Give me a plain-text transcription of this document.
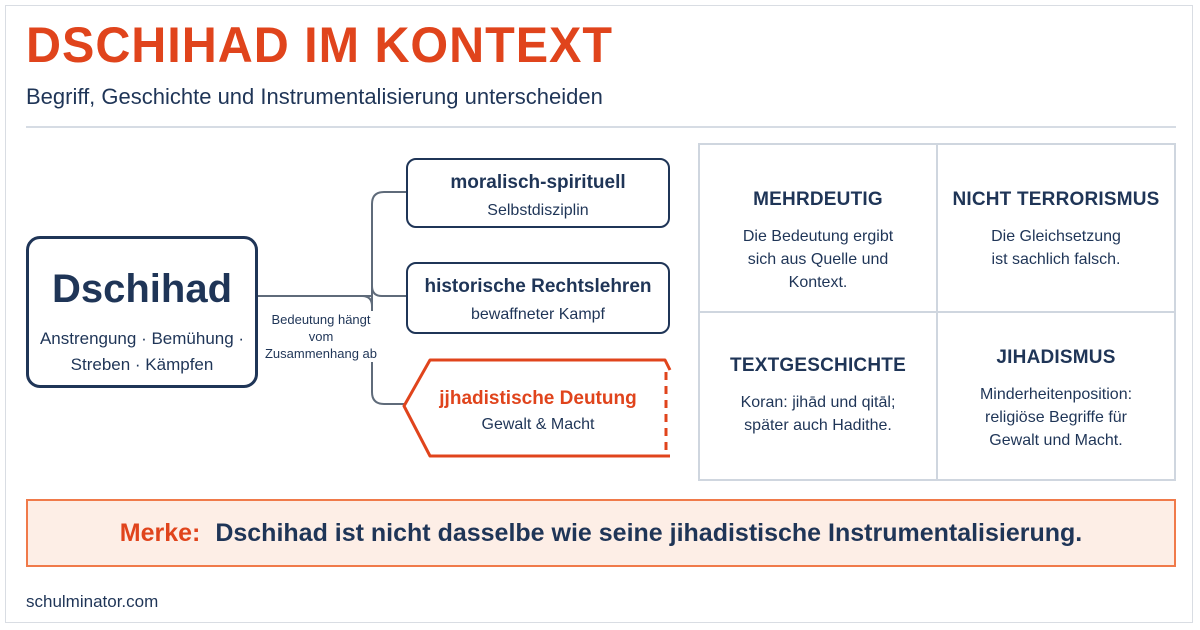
DSCHIHAD IM KONTEXT
Begriff, Geschichte und Instrumentalisierung unterscheiden
Dschihad
Anstrengung · Bemühung · Streben · Kämpfen
Bedeutung hängt vom Zusammenhang ab
moralisch-spirituell
Selbstdisziplin
historische Rechtslehren
bewaffneter Kampf
jjhadistische Deutung
Gewalt & Macht
MEHRDEUTIG
Die Bedeutung ergibt sich aus Quelle und Kontext.
NICHT TERRORISMUS
Die Gleichsetzung ist sachlich falsch.
TEXTGESCHICHTE
Koran: jihād und qitāl; später auch Hadithe.
JIHADISMUS
Minderheitenposition: religiöse Begriffe für Gewalt und Macht.
Merke: Dschihad ist nicht dasselbe wie seine jihadistische Instrumentalisierung.
schulminator.com
